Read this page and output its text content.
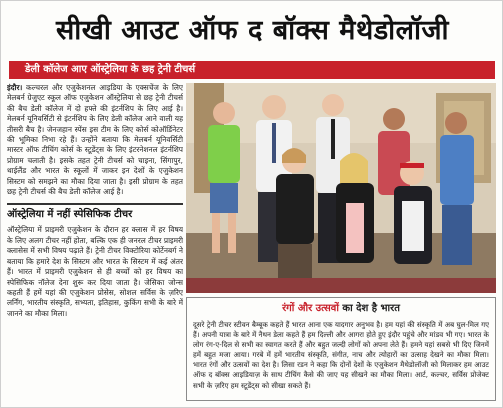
सीखी आउट ऑफ द बॉक्स मैथेडोलॉजी
डेली कॉलेज आए ऑस्ट्रेलिया के छह ट्रेनी टीचर्स

इंदौर। कल्चरल और एजुकेशनल आइडिया के एक्सचेंज के लिए मेलबर्न ग्रेजुएट स्कूल ऑफ एजुकेशन ऑस्ट्रेलिया से छह ट्रेनी टीचर्स की बैच डेली कॉलेज में दो हफ्ते की इंटर्नशिप के लिए आई है। मेलबर्न यूनिवर्सिटी से इंटर्नशिप के लिए डेली कॉलेज आने वाली यह तीसरी बैच है। जेनजहान स्पेंस इस टीम के लिए कोर्स कोऑर्डिनेटर की भूमिका निभा रहे हैं। उन्होंने बताया कि मेलबर्न यूनिवर्सिटी मास्टर ऑफ टीचिंग कोर्स के स्टूडेंट्स के लिए इंटरनेशनल इंटर्नशिप प्रोग्राम चलाती है। इसके तहत ट्रेनी टीचर्स को चाइना, सिंगापुर, थाईलैंड और भारत के स्कूलों में जाकर इन देशों के एजुकेशन सिस्टम को समझने का मौका दिया जाता है। इसी प्रोग्राम के तहत छह ट्रेनी टीचर्स की बैच डेली कॉलेज आई है।

ऑस्ट्रेलिया में नहीं स्पेसिफिक टीचर

ऑस्ट्रेलिया में प्राइमरी एजुकेशन के दौरान हर क्लास में हर विषय के लिए अलग टीचर नहीं होता, बल्कि एक ही जनरल टीचर प्राइमरी क्लासेस में सभी विषय पढ़ाते हैं। ट्रेनी टीचर विक्टोरिया कोर्टेनबर्ग ने बताया कि हमारे देश के सिस्टम और भारत के सिस्टम में कई अंतर हैं। भारत में प्राइमरी एजुकेशन से ही बच्चों को हर विषय का स्पेसिफिक नॉलेज देना शुरू कर दिया जाता है। जेसिका जोन्स कहती हैं हमें यहां की एजुकेशन प्रोसेस, सोशल सर्विस के ज़रिए लर्निंग, भारतीय संस्कृति, सभ्यता, इतिहास, कुकिंग सभी के बारे में जानने का मौका मिला।	रंगों और उत्सवों का देश है भारत

दूसरे ट्रेनी टीचर स्टीवन बैम्बूक कहते हैं भारत आना एक यादगार अनुभव है। हम यहां की संस्कृति में अब घुल-मिल गए हैं। अपनी यात्रा के बारे में नैथन डेला कहते हैं हम दिल्ली और आगरा होते हुए इंदौर पहुंचे और मांडव भी गए। भारत के लोग रंग-ए-दिल से सभी का स्वागत करते हैं और बहुत जल्दी लोगों को अपना लेते हैं। हमने यहां सबसे भी दिए जिनमें हमें बहुत मजा आया। गरबे में हमें भारतीय संस्कृति, संगीत, नाच और त्योहारों का उत्साह देखने का मौका मिला। भारत रंगों और उत्सवों का देश है। लिसा रडन ने कहा कि दोनों देशों के एजुकेशन मैथेडोलॉजी को मिलाकर हम आउट ऑफ द बॉक्स आइडियाज़ के साथ टीचिंग कैसे की जाए यह सीखने का मौका मिला। आर्ट, कल्चर, सर्विस प्रोजेक्ट सभी के ज़रिए हम स्टूडेंट्स को सीखा सकते हैं।
